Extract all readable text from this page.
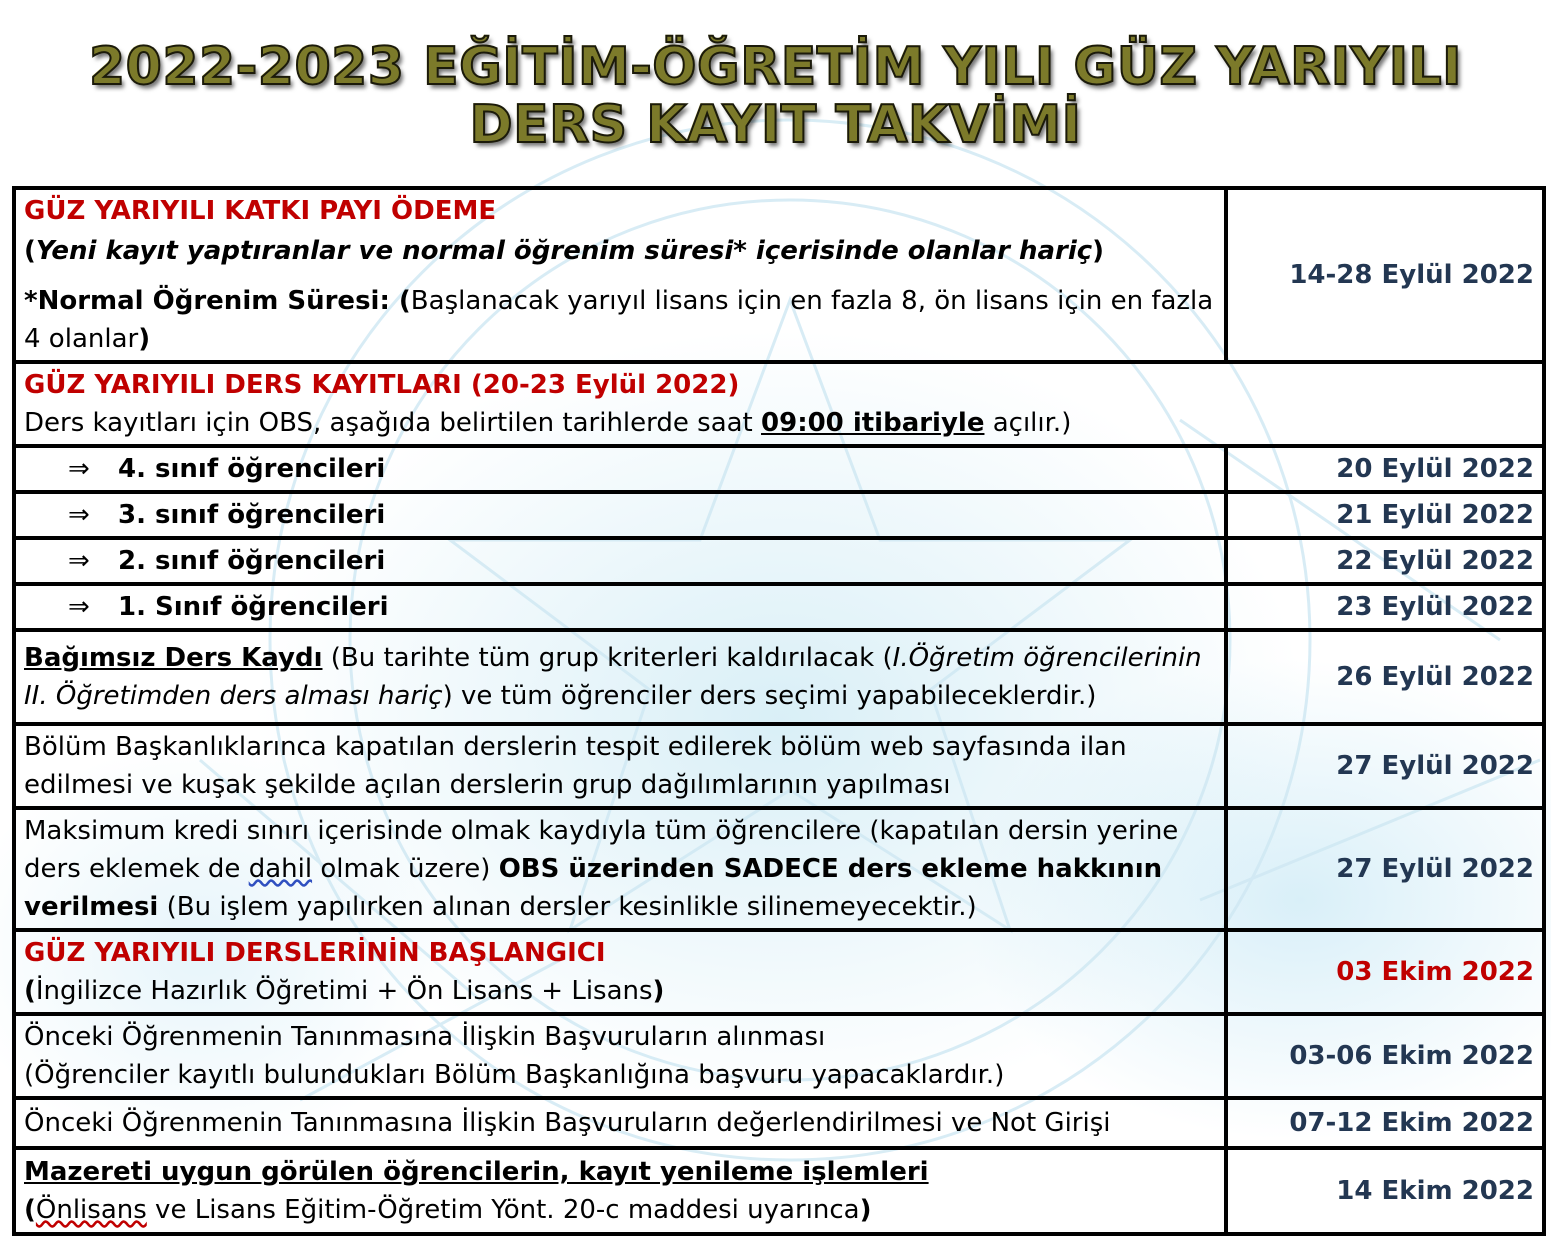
2022-2023 EĞİTİM-ÖĞRETİM YILI GÜZ YARIYILI
DERS KAYIT TAKVİMİ
GÜZ YARIYILI KATKI PAYI ÖDEME
(Yeni kayıt yaptıranlar ve normal öğrenim süresi* içerisinde olanlar hariç)
*Normal Öğrenim Süresi: (Başlanacak yarıyıl lisans için en fazla 8, ön lisans için en fazla 4 olanlar)	14-28 Eylül 2022

GÜZ YARIYILI DERS KAYITLARI (20-23 Eylül 2022)
Ders kayıtları için OBS, aşağıda belirtilen tarihlerde saat 09:00 itibariyle açılır.)	

⇒ 4. sınıf öğrencileri	20 Eylül 2022
⇒ 3. sınıf öğrencileri	21 Eylül 2022
⇒ 2. sınıf öğrencileri	22 Eylül 2022
⇒ 1. Sınıf öğrencileri	23 Eylül 2022
Bağımsız Ders Kaydı (Bu tarihte tüm grup kriterleri kaldırılacak (I.Öğretim öğrencilerinin II. Öğretimden ders alması hariç) ve tüm öğrenciler ders seçimi yapabileceklerdir.)	26 Eylül 2022
Bölüm Başkanlıklarınca kapatılan derslerin tespit edilerek bölüm web sayfasında ilan edilmesi ve kuşak şekilde açılan derslerin grup dağılımlarının yapılması	27 Eylül 2022
Maksimum kredi sınırı içerisinde olmak kaydıyla tüm öğrencilere (kapatılan dersin yerine ders eklemek de dahil olmak üzere) OBS üzerinden SADECE ders ekleme hakkının verilmesi (Bu işlem yapılırken alınan dersler kesinlikle silinemeyecektir.)	27 Eylül 2022

GÜZ YARIYILI DERSLERİNİN BAŞLANGICI
(İngilizce Hazırlık Öğretimi + Ön Lisans + Lisans)	03 Ekim 2022

Önceki Öğrenmenin Tanınmasına İlişkin Başvuruların alınması
(Öğrenciler kayıtlı bulundukları Bölüm Başkanlığına başvuru yapacaklardır.)	03-06 Ekim 2022
Önceki Öğrenmenin Tanınmasına İlişkin Başvuruların değerlendirilmesi ve Not Girişi	07-12 Ekim 2022

Mazereti uygun görülen öğrencilerin, kayıt yenileme işlemleri
(Önlisans ve Lisans Eğitim-Öğretim Yönt. 20-c maddesi uyarınca)	14 Ekim 2022
